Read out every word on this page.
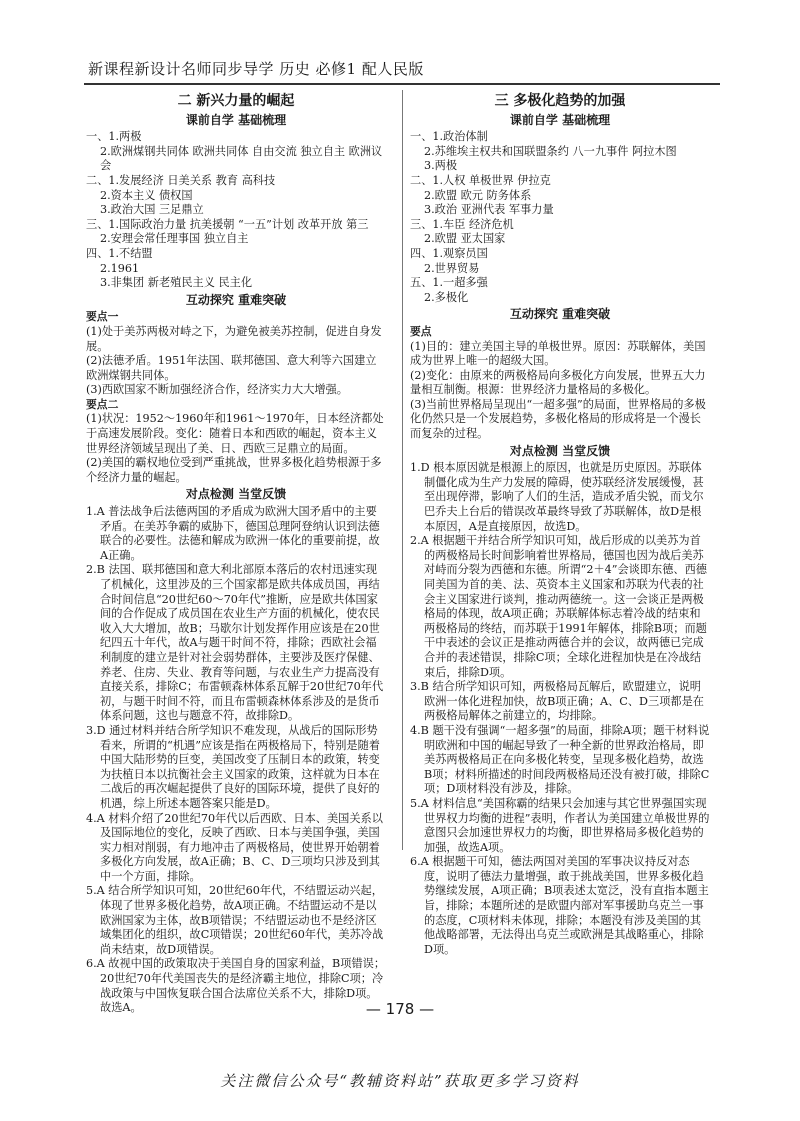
新课程新设计名师同步导学 历史 必修1 配人民版
二 新兴力量的崛起
课前自学 基础梳理

一、1.两极

2.欧洲煤钢共同体 欧洲共同体 自由交流 独立自主 欧洲议会

二、1.发展经济 日美关系 教育 高科技

2.资本主义 债权国

3.政治大国 三足鼎立

三、1.国际政治力量 抗美援朝 “一五”计划 改革开放 第三

2.安理会常任理事国 独立自主

四、1.不结盟

2.1961

3.非集团 新老殖民主义 民主化

互动探究 重难突破

要点一

(1)处于美苏两极对峙之下，为避免被美苏控制，促进自身发展。

(2)法德矛盾。1951年法国、联邦德国、意大利等六国建立欧洲煤钢共同体。

(3)西欧国家不断加强经济合作，经济实力大大增强。

要点二

(1)状况：1952～1960年和1961～1970年，日本经济都处于高速发展阶段。变化：随着日本和西欧的崛起，资本主义世界经济领域呈现出了美、日、西欧三足鼎立的局面。

(2)美国的霸权地位受到严重挑战，世界多极化趋势根源于多个经济力量的崛起。

对点检测 当堂反馈

1.A 普法战争后法德两国的矛盾成为欧洲大国矛盾中的主要矛盾。在美苏争霸的威胁下，德国总理阿登纳认识到法德联合的必要性。法德和解成为欧洲一体化的重要前提，故A正确。

2.B 法国、联邦德国和意大利北部原本落后的农村迅速实现了机械化，这里涉及的三个国家都是欧共体成员国，再结合时间信息“20世纪60～70年代”推断，应是欧共体国家间的合作促成了成员国在农业生产方面的机械化，使农民收入大大增加，故B；马歇尔计划发挥作用应该是在20世纪四五十年代，故A与题干时间不符，排除；西欧社会福利制度的建立是针对社会弱势群体，主要涉及医疗保健、养老、住房、失业、教育等问题，与农业生产力提高没有直接关系，排除C；布雷顿森林体系瓦解于20世纪70年代初，与题干时间不符，而且布雷顿森林体系涉及的是货币体系问题，这也与题意不符，故排除D。

3.D 通过材料并结合所学知识不难发现，从战后的国际形势看来，所谓的“机遇”应该是指在两极格局下，特别是随着中国大陆形势的巨变，美国改变了压制日本的政策，转变为扶植日本以抗衡社会主义国家的政策，这样就为日本在二战后的再次崛起提供了良好的国际环境，提供了良好的机遇，综上所述本题答案只能是D。

4.A 材料介绍了20世纪70年代以后西欧、日本、美国关系以及国际地位的变化，反映了西欧、日本与美国争强，美国实力相对削弱，有力地冲击了两极格局，使世界开始朝着多极化方向发展，故A正确；B、C、D三项均只涉及到其中一个方面，排除。

5.A 结合所学知识可知，20世纪60年代，不结盟运动兴起，体现了世界多极化趋势，故A项正确。不结盟运动不是以欧洲国家为主体，故B项错误；不结盟运动也不是经济区域集团化的组织，故C项错误；20世纪60年代，美苏冷战尚未结束，故D项错误。

6.A 故视中国的政策取决于美国自身的国家利益，B项错误；20世纪70年代美国丧失的是经济霸主地位，排除C项；冷战政策与中国恢复联合国合法席位关系不大，排除D项。故选A。

三 多极化趋势的加强
课前自学 基础梳理

一、1.政治体制

2.苏维埃主权共和国联盟条约 八一九事件 阿拉木图

3.两极

二、1.人权 单极世界 伊拉克

2.欧盟 欧元 防务体系

3.政治 亚洲代表 军事力量

三、1.车臣 经济危机

2.欧盟 亚太国家

四、1.观察员国

2.世界贸易

五、1.一超多强

2.多极化

互动探究 重难突破

要点

(1)目的：建立美国主导的单极世界。原因：苏联解体，美国成为世界上唯一的超级大国。

(2)变化：由原来的两极格局向多极化方向发展，世界五大力量相互制衡。根源：世界经济力量格局的多极化。

(3)当前世界格局呈现出“一超多强”的局面，世界格局的多极化仍然只是一个发展趋势，多极化格局的形成将是一个漫长而复杂的过程。

对点检测 当堂反馈

1.D 根本原因就是根源上的原因，也就是历史原因。苏联体制僵化成为生产力发展的障碍，使苏联经济发展缓慢，甚至出现停滞，影响了人们的生活，造成矛盾尖锐，而戈尔巴乔夫上台后的错误改革最终导致了苏联解体，故D是根本原因，A是直接原因，故选D。

2.A 根据题干并结合所学知识可知，战后形成的以美苏为首的两极格局长时间影响着世界格局，德国也因为战后美苏对峙而分裂为西德和东德。所谓“2＋4”会谈即东德、西德同美国为首的美、法、英资本主义国家和苏联为代表的社会主义国家进行谈判，推动两德统一。这一会谈正是两极格局的体现，故A项正确；苏联解体标志着冷战的结束和两极格局的终结，而苏联于1991年解体，排除B项；而题干中表述的会议正是推动两德合并的会议，故两德已完成合并的表述错误，排除C项；全球化进程加快是在冷战结束后，排除D项。

3.B 结合所学知识可知，两极格局瓦解后，欧盟建立，说明欧洲一体化进程加快，故B项正确；A、C、D三项都是在两极格局解体之前建立的，均排除。

4.B 题干没有强调“一超多强”的局面，排除A项；题干材料说明欧洲和中国的崛起导致了一种全新的世界政治格局，即美苏两极格局正在向多极化转变，呈现多极化趋势，故选B项；材料所描述的时间段两极格局还没有被打破，排除C项；D项材料没有涉及，排除。

5.A 材料信息“美国称霸的结果只会加速与其它世界强国实现世界权力均衡的进程”表明，作者认为美国建立单极世界的意图只会加速世界权力的均衡，即世界格局多极化趋势的加强，故选A项。

6.A 根据题干可知，德法两国对美国的军事决议持反对态度，说明了德法力量增强，敢于挑战美国，世界多极化趋势继续发展，A项正确；B项表述太宽泛，没有直指本题主旨，排除；本题所述的是欧盟内部对军事援助乌克兰一事的态度，C项材料未体现，排除；本题没有涉及美国的其他战略部署，无法得出乌克兰或欧洲是其战略重心，排除D项。

— 178 —
关注微信公众号“教辅资料站”获取更多学习资料
